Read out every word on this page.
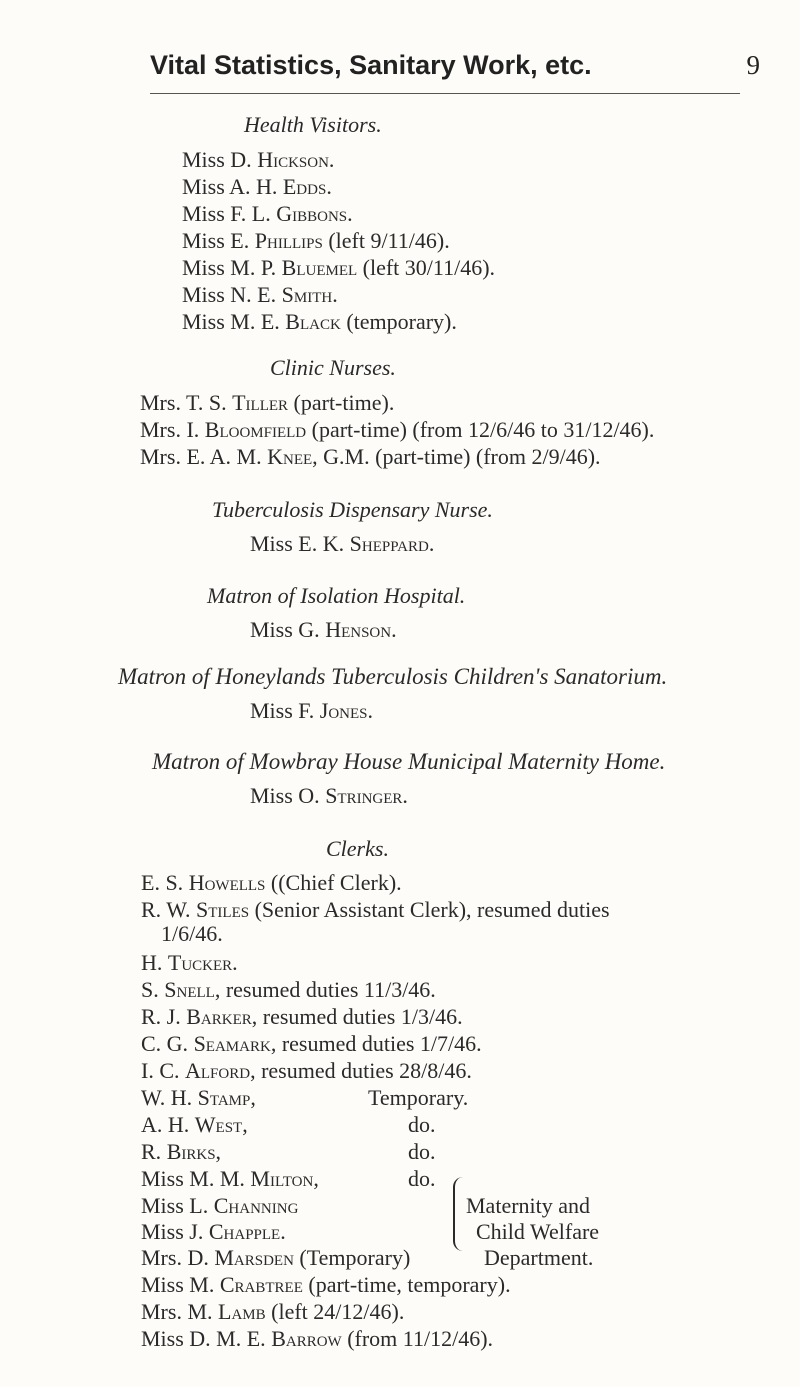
Vital Statistics, Sanitary Work, etc.	9
Health Visitors.
Miss D. Hickson.
Miss A. H. Edds.
Miss F. L. Gibbons.
Miss E. Phillips (left 9/11/46).
Miss M. P. Bluemel (left 30/11/46).
Miss N. E. Smith.
Miss M. E. Black (temporary).
Clinic Nurses.
Mrs. T. S. Tiller (part-time).
Mrs. I. Bloomfield (part-time) (from 12/6/46 to 31/12/46).
Mrs. E. A. M. Knee, G.M. (part-time) (from 2/9/46).
Tuberculosis Dispensary Nurse.
Miss E. K. Sheppard.
Matron of Isolation Hospital.
Miss G. Henson.
Matron of Honeylands Tuberculosis Children's Sanatorium.
Miss F. Jones.
Matron of Mowbray House Municipal Maternity Home.
Miss O. Stringer.
Clerks.
E. S. Howells ((Chief Clerk).
R. W. Stiles (Senior Assistant Clerk), resumed duties
1/6/46.
H. Tucker.
S. Snell, resumed duties 11/3/46.
R. J. Barker, resumed duties 1/3/46.
C. G. Seamark, resumed duties 1/7/46.
I. C. Alford, resumed duties 28/8/46.
W. H. Stamp,
A. H. West,
R. Birks,
Miss M. M. Milton,
Temporary.
do.
do.
do.
Miss L. Channing
Miss J. Chapple.
Mrs. D. Marsden (Temporary)
Maternity and
Child Welfare
Department.
Miss M. Crabtree (part-time, temporary).
Mrs. M. Lamb (left 24/12/46).
Miss D. M. E. Barrow (from 11/12/46).
